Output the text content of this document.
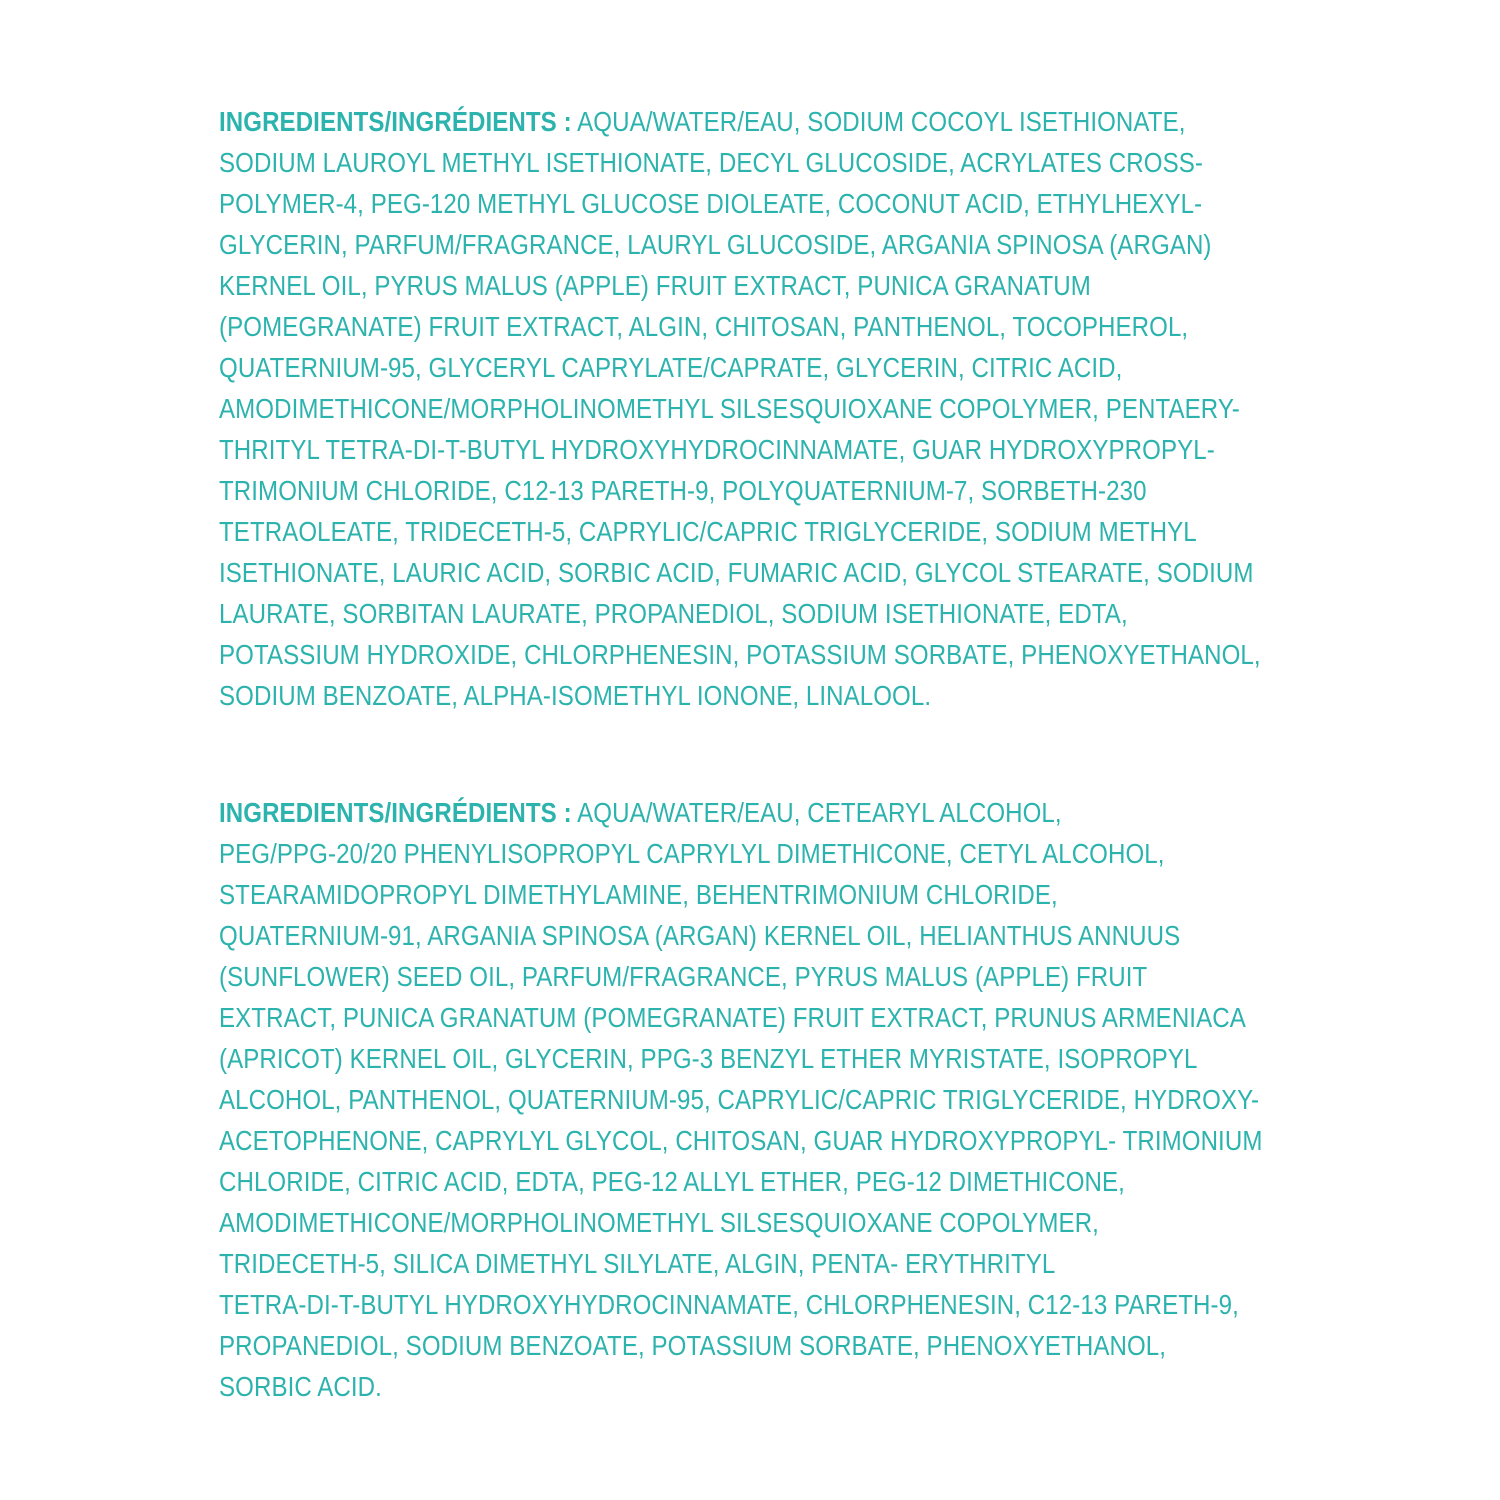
INGREDIENTS/INGRÉDIENTS : AQUA/WATER/EAU, SODIUM COCOYL ISETHIONATE,
SODIUM LAUROYL METHYL ISETHIONATE, DECYL GLUCOSIDE, ACRYLATES CROSS-
POLYMER-4, PEG-120 METHYL GLUCOSE DIOLEATE, COCONUT ACID, ETHYLHEXYL-
GLYCERIN, PARFUM/FRAGRANCE, LAURYL GLUCOSIDE, ARGANIA SPINOSA (ARGAN)
KERNEL OIL, PYRUS MALUS (APPLE) FRUIT EXTRACT, PUNICA GRANATUM
(POMEGRANATE) FRUIT EXTRACT, ALGIN, CHITOSAN, PANTHENOL, TOCOPHEROL,
QUATERNIUM-95, GLYCERYL CAPRYLATE/CAPRATE, GLYCERIN, CITRIC ACID,
AMODIMETHICONE/MORPHOLINOMETHYL SILSESQUIOXANE COPOLYMER, PENTAERY-
THRITYL TETRA-DI-T-BUTYL HYDROXYHYDROCINNAMATE, GUAR HYDROXYPROPYL-
TRIMONIUM CHLORIDE, C12-13 PARETH-9, POLYQUATERNIUM-7, SORBETH-230
TETRAOLEATE, TRIDECETH-5, CAPRYLIC/CAPRIC TRIGLYCERIDE, SODIUM METHYL
ISETHIONATE, LAURIC ACID, SORBIC ACID, FUMARIC ACID, GLYCOL STEARATE, SODIUM
LAURATE, SORBITAN LAURATE, PROPANEDIOL, SODIUM ISETHIONATE, EDTA,
POTASSIUM HYDROXIDE, CHLORPHENESIN, POTASSIUM SORBATE, PHENOXYETHANOL,
SODIUM BENZOATE, ALPHA-ISOMETHYL IONONE, LINALOOL.
INGREDIENTS/INGRÉDIENTS : AQUA/WATER/EAU, CETEARYL ALCOHOL,
PEG/PPG-20/20 PHENYLISOPROPYL CAPRYLYL DIMETHICONE, CETYL ALCOHOL,
STEARAMIDOPROPYL DIMETHYLAMINE, BEHENTRIMONIUM CHLORIDE,
QUATERNIUM-91, ARGANIA SPINOSA (ARGAN) KERNEL OIL, HELIANTHUS ANNUUS
(SUNFLOWER) SEED OIL, PARFUM/FRAGRANCE, PYRUS MALUS (APPLE) FRUIT
EXTRACT, PUNICA GRANATUM (POMEGRANATE) FRUIT EXTRACT, PRUNUS ARMENIACA
(APRICOT) KERNEL OIL, GLYCERIN, PPG-3 BENZYL ETHER MYRISTATE, ISOPROPYL
ALCOHOL, PANTHENOL, QUATERNIUM-95, CAPRYLIC/CAPRIC TRIGLYCERIDE, HYDROXY-
ACETOPHENONE, CAPRYLYL GLYCOL, CHITOSAN, GUAR HYDROXYPROPYL- TRIMONIUM
CHLORIDE, CITRIC ACID, EDTA, PEG-12 ALLYL ETHER, PEG-12 DIMETHICONE,
AMODIMETHICONE/MORPHOLINOMETHYL SILSESQUIOXANE COPOLYMER,
TRIDECETH-5, SILICA DIMETHYL SILYLATE, ALGIN, PENTA- ERYTHRITYL
TETRA-DI-T-BUTYL HYDROXYHYDROCINNAMATE, CHLORPHENESIN, C12-13 PARETH-9,
PROPANEDIOL, SODIUM BENZOATE, POTASSIUM SORBATE, PHENOXYETHANOL,
SORBIC ACID.
